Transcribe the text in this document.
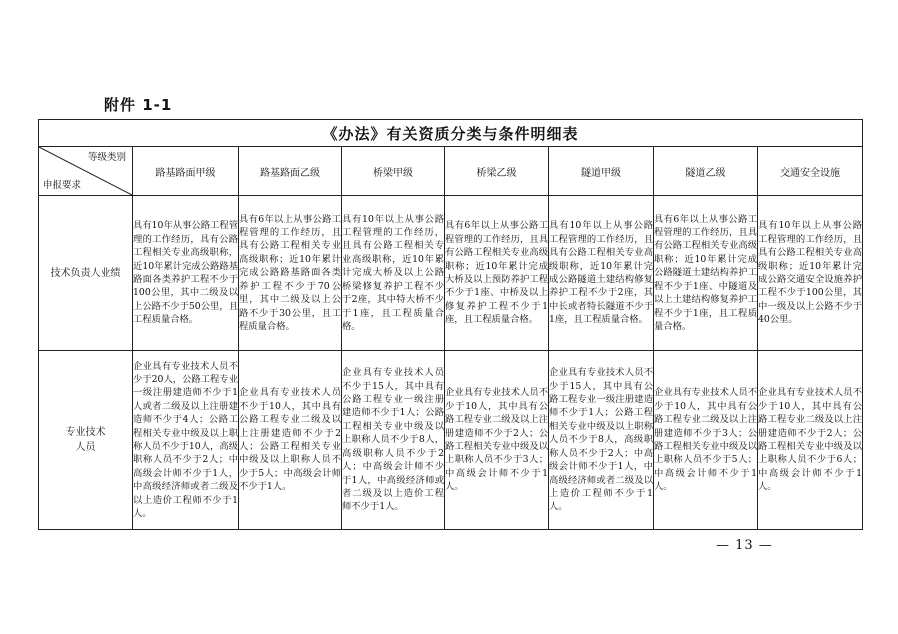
附件 1-1
《办法》有关资质分类与条件明细表							

等级类别
申报要求	路基路面甲级	路基路面乙级	桥梁甲级	桥梁乙级	隧道甲级	隧道乙级	交通安全设施
技术负责人业绩	具有10年从事公路工程管理的工作经历，具有公路工程相关专业高级职称，近10年累计完成公路路基路面各类养护工程不少于100公里，其中二级及以上公路不少于50公里，且工程质量合格。	具有6年以上从事公路工程管理的工作经历，且具有公路工程相关专业高级职称；近10年累计完成公路路基路面各类养护工程不少于70公里，其中二级及以上公路不少于30公里，且工程质量合格。	具有10年以上从事公路工程管理的工作经历，且具有公路工程相关专业高级职称，近10年累计完成大桥及以上公路桥梁修复养护工程不少于2座，其中特大桥不少于1座，且工程质量合格。	具有6年以上从事公路工程管理的工作经历，且具有公路工程相关专业高级职称；近10年累计完成大桥及以上预防养护工程不少于1座、中桥及以上修复养护工程不少于1座，且工程质量合格。	具有10年以上从事公路工程管理的工作经历，且具有公路工程相关专业高级职称，近10年累计完成公路隧道土建结构修复养护工程不少于2座，其中长或者特长隧道不少于1座，且工程质量合格。	具有6年以上从事公路工程管理的工作经历，且具有公路工程相关专业高级职称；近10年累计完成公路隧道土建结构养护工程不少于1座、中隧道及以上土建结构修复养护工程不少于1座，且工程质量合格。	具有10年以上从事公路工程管理的工作经历，且具有公路工程相关专业高级职称；近10年累计完成公路交通安全设施养护工程不少于100公里，其中一级及以上公路不少于40公里。
专业技术人员	企业具有专业技术人员不少于20人，公路工程专业一级注册建造师不少于1人或者二级及以上注册建造师不少于4人；公路工程相关专业中级及以上职称人员不少于10人，高级职称人员不少于2人；中高级会计师不少于1人，中高级经济师或者二级及以上造价工程师不少于1人。	企业具有专业技术人员不少于10人，其中具有公路工程专业二级及以上注册建造师不少于2人；公路工程相关专业中级及以上职称人员不少于5人；中高级会计师不少于1人。	企业具有专业技术人员不少于15人，其中具有公路工程专业一级注册建造师不少于1人；公路工程相关专业中级及以上职称人员不少于8人，高级职称人员不少于2人；中高级会计师不少于1人，中高级经济师或者二级及以上造价工程师不少于1人。	企业具有专业技术人员不少于10人，其中具有公路工程专业二级及以上注册建造师不少于2人；公路工程相关专业中级及以上职称人员不少于3人；中高级会计师不少于1人。	企业具有专业技术人员不少于15人，其中具有公路工程专业一级注册建造师不少于1人；公路工程相关专业中级及以上职称人员不少于8人，高级职称人员不少于2人；中高级会计师不少于1人，中高级经济师或者二级及以上造价工程师不少于1人。	企业具有专业技术人员不少于10人，其中具有公路工程专业二级及以上注册建造师不少于3人；公路工程相关专业中级及以上职称人员不少于5人；中高级会计师不少于1人。	企业具有专业技术人员不少于10人，其中具有公路工程专业二级及以上注册建造师不少于2人；公路工程相关专业中级及以上职称人员不少于6人；中高级会计师不少于1人。
— 13 —
